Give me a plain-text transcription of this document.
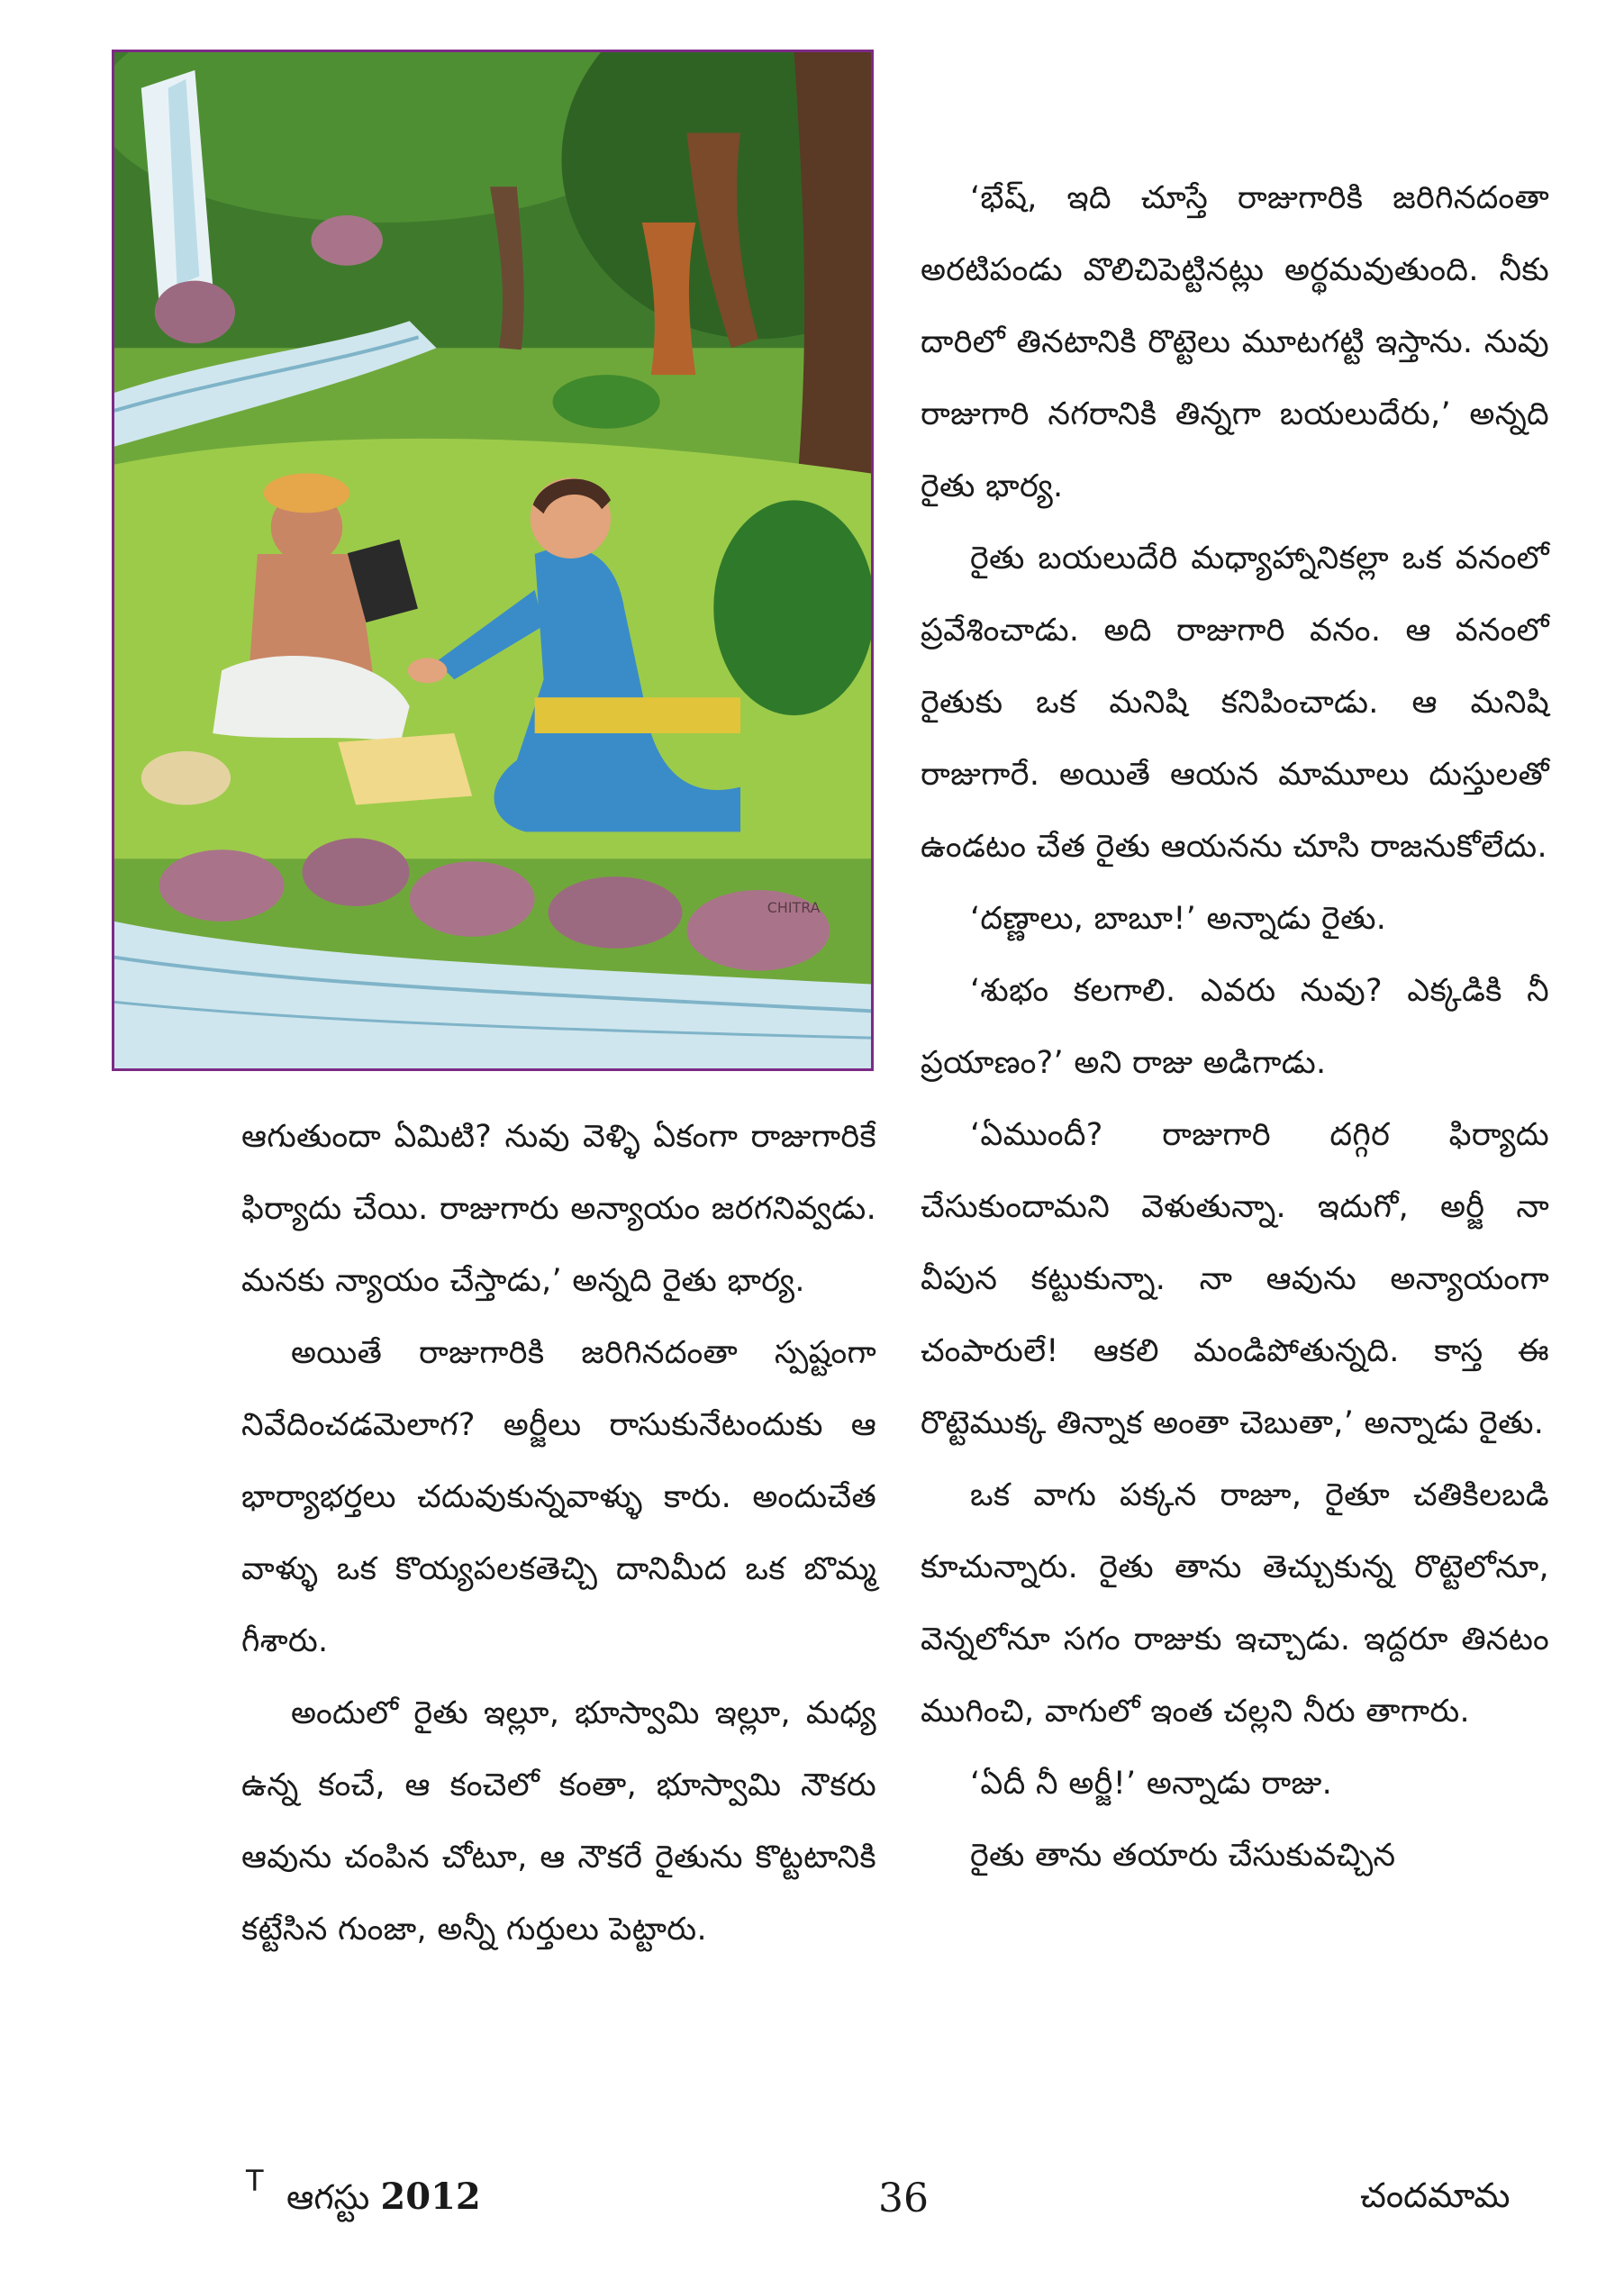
CHITRA

‘భేష్, ఇది చూస్తే రాజుగారికి జరిగినదంతా అరటిపండు వొలిచిపెట్టినట్లు అర్థమవుతుంది. నీకు దారిలో తినటానికి రొట్టెలు మూటగట్టి ఇస్తాను. నువు రాజుగారి నగరానికి తిన్నగా బయలుదేరు,’ అన్నది రైతు భార్య.

రైతు బయలుదేరి మధ్యాహ్నానికల్లా ఒక వనంలో ప్రవేశించాడు. అది రాజుగారి వనం. ఆ వనంలో రైతుకు ఒక మనిషి కనిపించాడు. ఆ మనిషి రాజుగారే. అయితే ఆయన మామూలు దుస్తులతో ఉండటం చేత రైతు ఆయనను చూసి రాజనుకోలేదు.

‘దణ్ణాలు, బాబూ!’ అన్నాడు రైతు.

‘శుభం కలగాలి. ఎవరు నువు? ఎక్కడికి నీ ప్రయాణం?’ అని రాజు అడిగాడు.

‘ఏముందీ? రాజుగారి దగ్గిర ఫిర్యాదు చేసుకుందామని వెళుతున్నా. ఇదుగో, అర్జీ నా వీపున కట్టుకున్నా. నా ఆవును అన్యాయంగా చంపారులే! ఆకలి మండిపోతున్నది. కాస్త ఈ రొట్టెముక్క తిన్నాక అంతా చెబుతా,’ అన్నాడు రైతు.

ఒక వాగు పక్కన రాజూ, రైతూ చతికిలబడి కూచున్నారు. రైతు తాను తెచ్చుకున్న రొట్టెలోనూ, వెన్నలోనూ సగం రాజుకు ఇచ్చాడు. ఇద్దరూ తినటం ముగించి, వాగులో ఇంత చల్లని నీరు తాగారు.

‘ఏదీ నీ అర్జీ!’ అన్నాడు రాజు.

రైతు తాను తయారు చేసుకువచ్చిన

ఆగుతుందా ఏమిటి? నువు వెళ్ళి ఏకంగా రాజుగారికే ఫిర్యాదు చేయి. రాజుగారు అన్యాయం జరగనివ్వడు. మనకు న్యాయం చేస్తాడు,’ అన్నది రైతు భార్య.

అయితే రాజుగారికి జరిగినదంతా స్పష్టంగా నివేదించడమెలాగ? అర్జీలు రాసుకునేటందుకు ఆ భార్యాభర్తలు చదువుకున్నవాళ్ళు కారు. అందుచేత వాళ్ళు ఒక కొయ్యపలకతెచ్చి దానిమీద ఒక బొమ్మ గీశారు.

అందులో రైతు ఇల్లూ, భూస్వామి ఇల్లూ, మధ్య ఉన్న కంచే, ఆ కంచెలో కంతా, భూస్వామి నౌకరు ఆవును చంపిన చోటూ, ఆ నౌకరే రైతును కొట్టటానికి కట్టేసిన గుంజా, అన్నీ గుర్తులు పెట్టారు.

T ఆగస్టు 2012	36	చందమామ
